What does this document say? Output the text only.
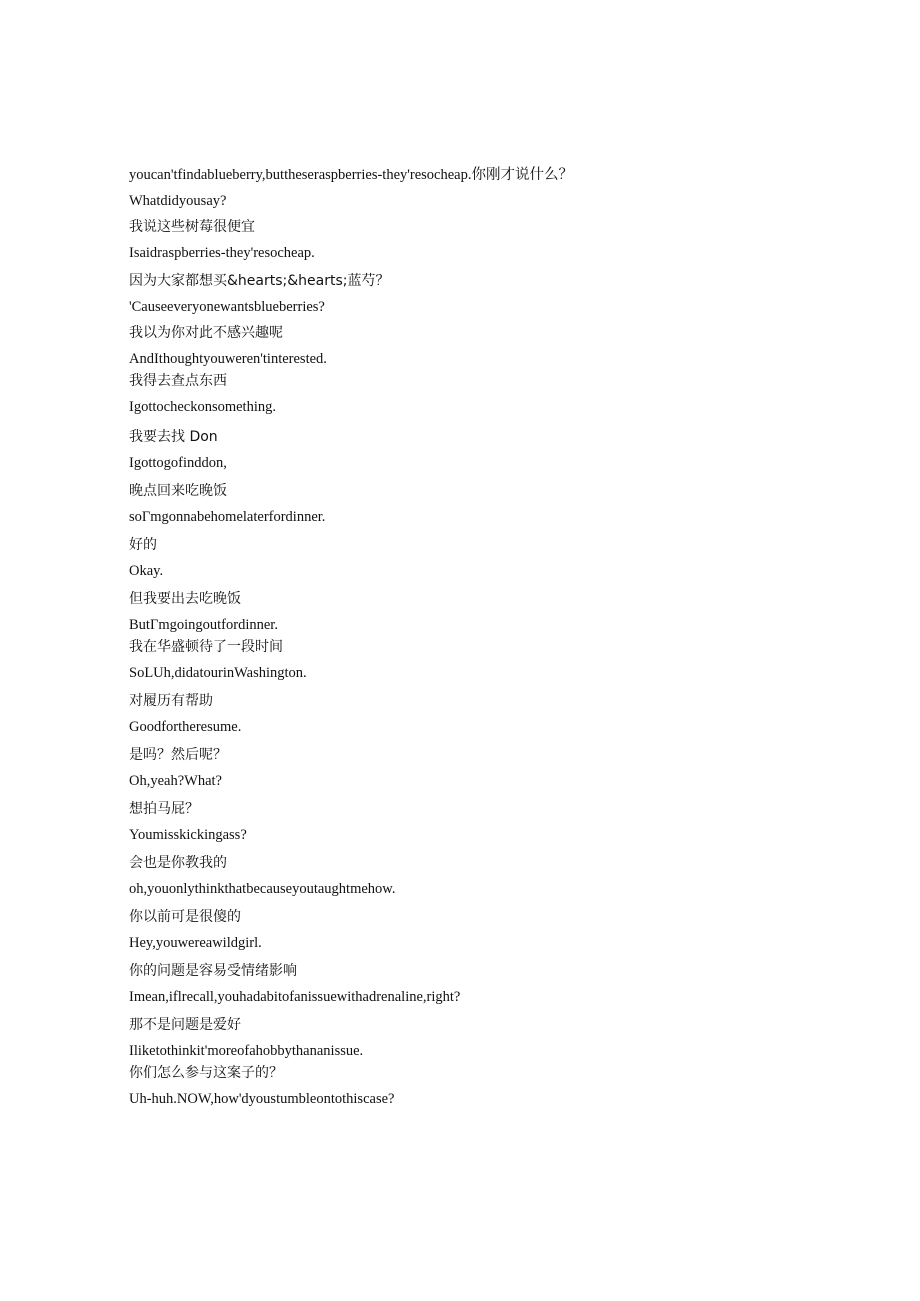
youcan'tfindablueberry,buttheseraspberries-they'resocheap.你刚才说什么？

Whatdidyousay?

我说这些树莓很便宜

Isaidraspberries-they'resocheap.

因为大家都想买&hearts;&hearts;蓝芍？

'Causeeveryonewantsblueberries?

我以为你对此不感兴趣呢

AndIthoughtyouweren'tinterested.

我得去查点东西

Igottocheckonsomething.

我要去找 Don

Igottogofinddon,

晚点回来吃晚饭

soΓmgonnabehomelaterfordinner.

好的

Okay.

但我要出去吃晚饭

ButΓmgoingoutfordinner.

我在华盛顿待了一段时间

SoLUh,didatourinWashington.

对履历有帮助

Goodfortheresume.

是吗？然后呢？

Oh,yeah?What?

想拍马屁？

Youmisskickingass?

会也是你教我的

oh,youonlythinkthatbecauseyoutaughtmehow.

你以前可是很傻的

Hey,youwereawildgirl.

你的问题是容易受情绪影响

Imean,iflrecall,youhadabitofanissuewithadrenaline,right?

那不是问题是爱好

Iliketothinkit'moreofahobbythananissue.

你们怎么参与这案子的？

Uh-huh.NOW,how'dyoustumbleontothiscase?
